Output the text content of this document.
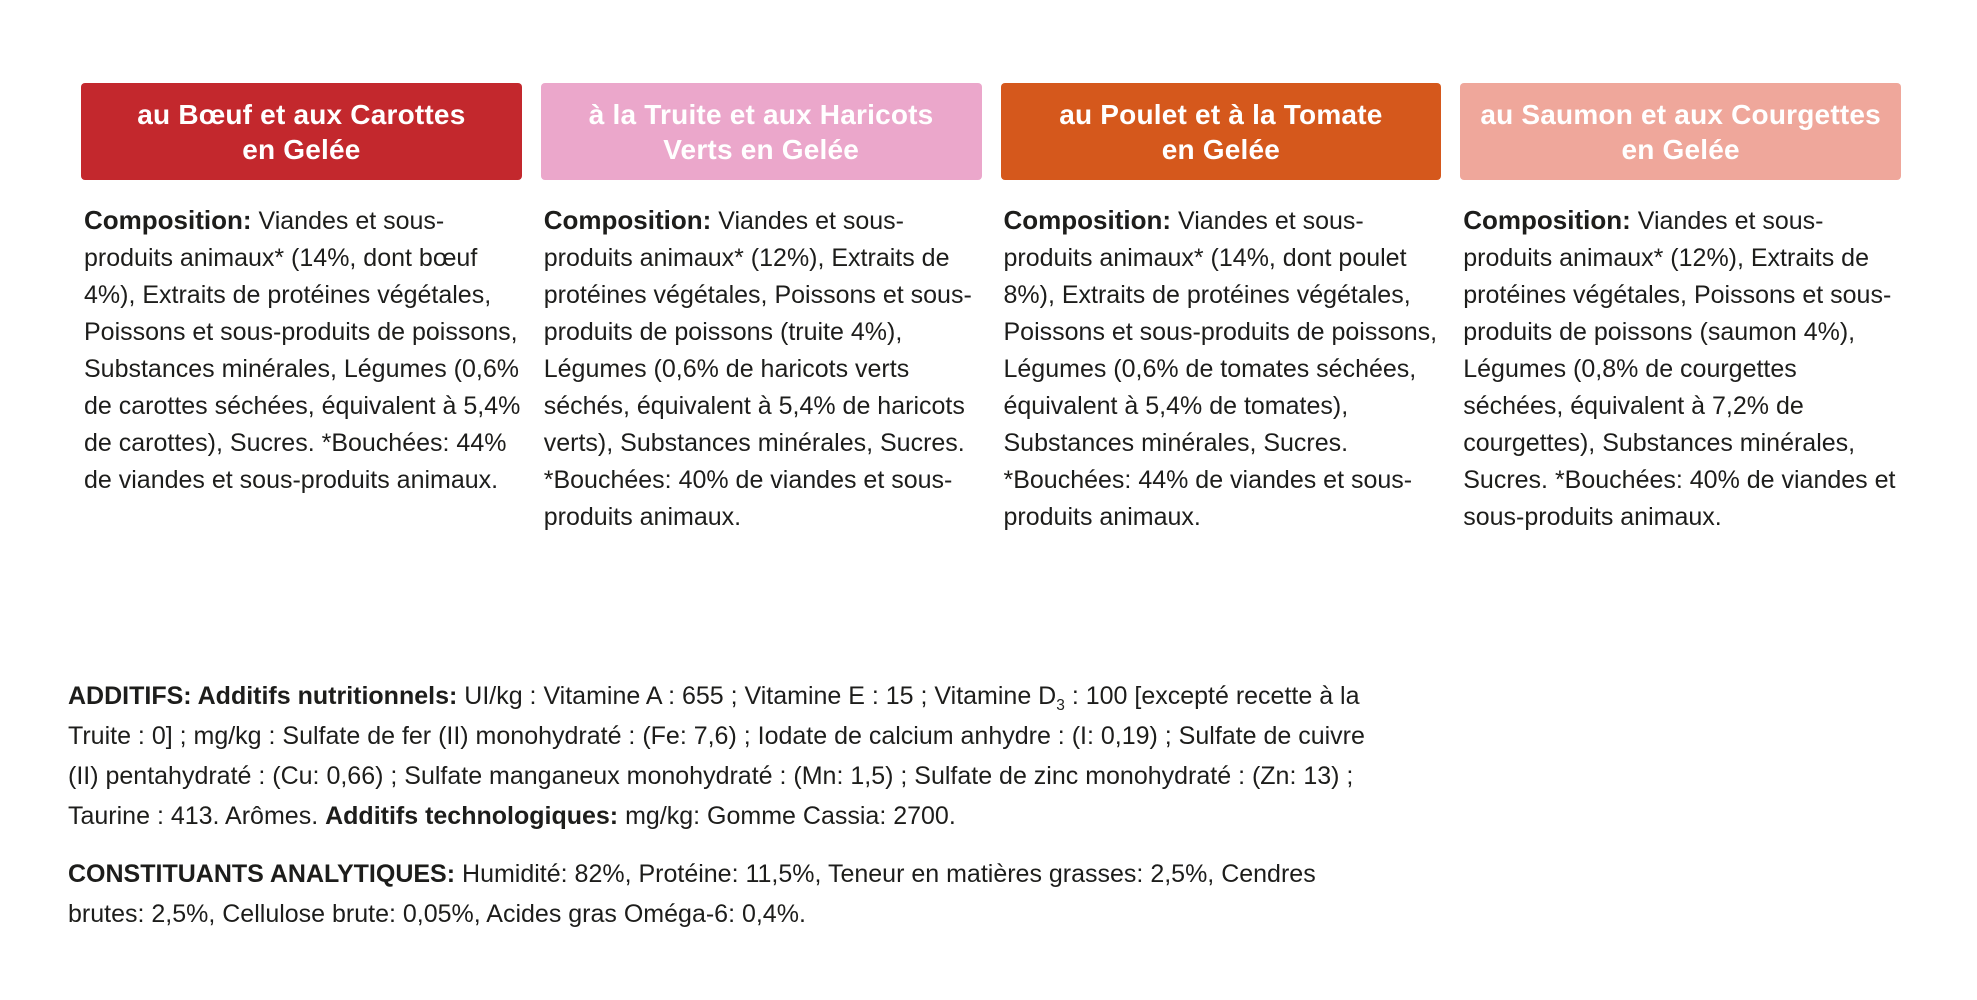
au Bœuf et aux Carottes
en Gelée

Composition: Viandes et sous-produits animaux* (14%, dont bœuf 4%), Extraits de protéines végétales, Poissons et sous-produits de poissons, Substances minérales, Légumes (0,6% de carottes séchées, équivalent à 5,4% de carottes), Sucres. *Bouchées: 44% de viandes et sous-produits animaux.

à la Truite et aux Haricots
Verts en Gelée

Composition: Viandes et sous-produits animaux* (12%), Extraits de protéines végétales, Poissons et sous-produits de poissons (truite 4%), Légumes (0,6% de haricots verts séchés, équivalent à 5,4% de haricots verts), Substances minérales, Sucres. *Bouchées: 40% de viandes et sous-produits animaux.

au Poulet et à la Tomate
en Gelée

Composition: Viandes et sous-produits animaux* (14%, dont poulet 8%), Extraits de protéines végétales, Poissons et sous-produits de poissons, Légumes (0,6% de tomates séchées, équivalent à 5,4% de tomates), Substances minérales, Sucres. *Bouchées: 44% de viandes et sous-produits animaux.

au Saumon et aux Courgettes
en Gelée

Composition: Viandes et sous-produits animaux* (12%), Extraits de protéines végétales, Poissons et sous-produits de poissons (saumon 4%), Légumes (0,8% de courgettes séchées, équivalent à 7,2% de courgettes), Substances minérales, Sucres. *Bouchées: 40% de viandes et sous-produits animaux.

ADDITIFS: Additifs nutritionnels: UI/kg : Vitamine A : 655 ; Vitamine E : 15 ; Vitamine $D_3$ : 100 [excepté recette à la Truite : 0] ; mg/kg : Sulfate de fer (II) monohydraté : (Fe: 7,6) ; Iodate de calcium anhydre : (I: 0,19) ; Sulfate de cuivre (II) pentahydraté : (Cu: 0,66) ; Sulfate manganeux monohydraté : (Mn: 1,5) ; Sulfate de zinc monohydraté : (Zn: 13) ; Taurine : 413. Arômes. Additifs technologiques: mg/kg: Gomme Cassia: 2700.

CONSTITUANTS ANALYTIQUES: Humidité: 82%, Protéine: 11,5%, Teneur en matières grasses: 2,5%, Cendres brutes: 2,5%, Cellulose brute: 0,05%, Acides gras Oméga-6: 0,4%.
